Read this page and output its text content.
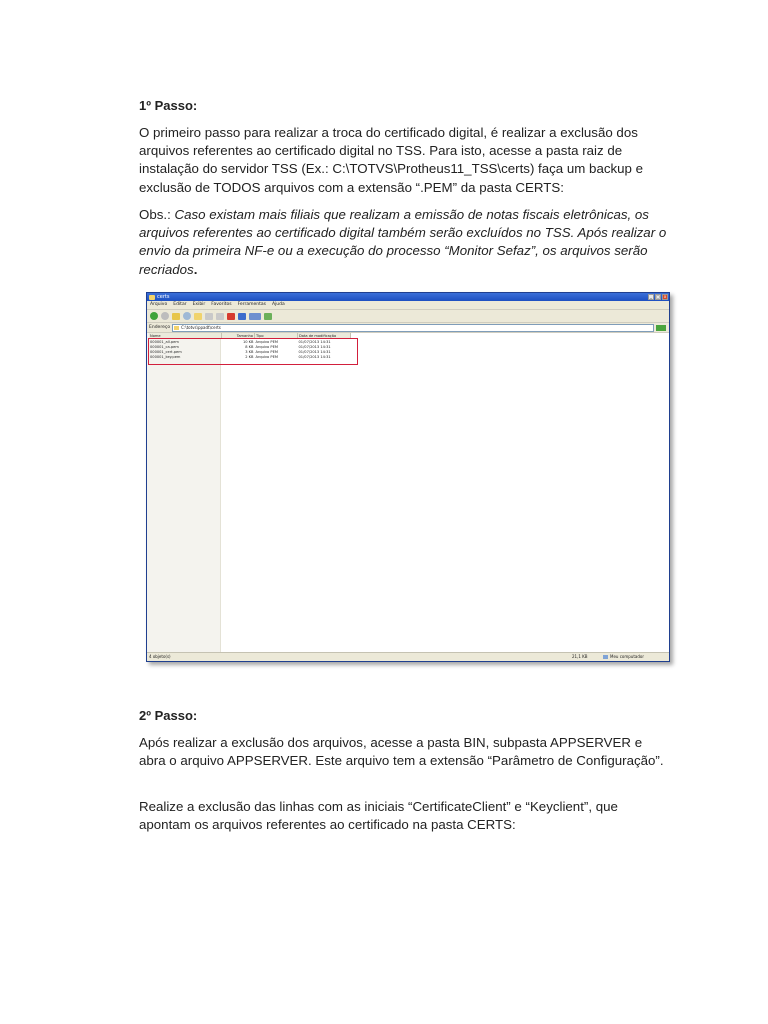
1º Passo:

O primeiro passo para realizar a troca do certificado digital, é realizar a exclusão dos arquivos referentes ao certificado digital no TSS. Para isto, acesse a pasta raiz de instalação do servidor TSS (Ex.: C:\TOTVS\Protheus11_TSS\certs) faça um backup e exclusão de TODOS arquivos com a extensão “.PEM” da pasta CERTS:

Obs.: Caso existam mais filiais que realizam a emissão de notas fiscais eletrônicas, os arquivos referentes ao certificado digital também serão excluídos no TSS. Após realizar o envio da primeira NF-e ou a execução do processo “Monitor Sefaz”, os arquivos serão recriados.

2º Passo:

Após realizar a exclusão dos arquivos, acesse a pasta BIN, subpasta APPSERVER e abra o arquivo APPSERVER. Este arquivo tem a extensão “Parâmetro de Configuração”.

Realize a exclusão das linhas com as iniciais “CertificateClient” e “Keyclient”, que apontam os arquivos referentes ao certificado na pasta CERTS:

certs	_	□ x
Arquivo Editar Exibir Favoritos Ferramentas Ajuda
Endereço	C:\totvs\ppadt\certs
Nome	Tamanho	Tipo	Data de modificação
000001_all.pem	10 KB	Arquivo PEM	01/07/2013 14:31
000001_ca.pem	8 KB	Arquivo PEM	01/07/2013 14:31
000001_cert.pem	3 KB	Arquivo PEM	01/07/2013 14:31
000001_key.pem	2 KB	Arquivo PEM	01/07/2013 14:31
4 objeto(s)	21,1 KB	Meu computador
